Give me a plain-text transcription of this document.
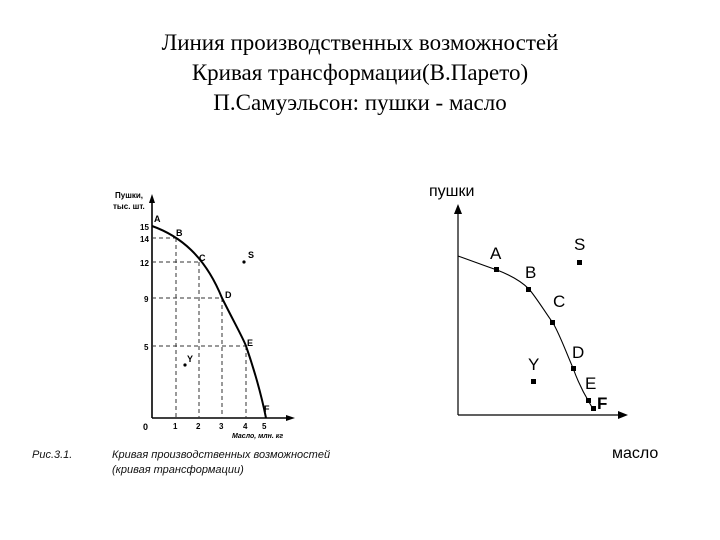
Линия производственных возможностей
Кривая трансформации(В.Парето)
П.Самуэльсон: пушки - масло
Пушки,
тыс. шт.
15
14
12
9
5
0	1 2 3 4 5
Масло, млн. кг
A
B
C
D
E
F
S
Y
пушки
масло
A
B
C
D
E
F
S
Y
Рис.3.1.	Кривая производственных возможностей
(кривая трансформации)
